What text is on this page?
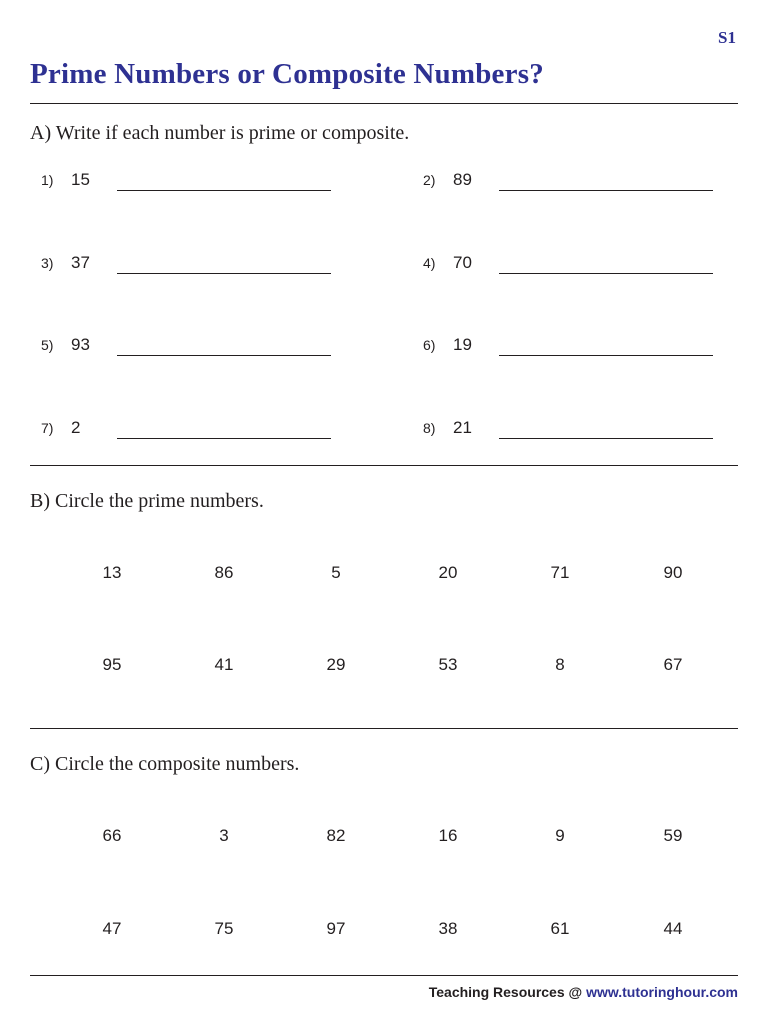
S1
Prime Numbers or Composite Numbers?
A) Write if each number is prime or composite.
1) 15	2) 89
3) 37	4) 70
5) 93	6) 19
7) 2	8) 21
B) Circle the prime numbers.
13	86	5	20	71	90
95	41	29	53	8	67
C) Circle the composite numbers.
66	3	82	16	9	59
47	75	97	38	61	44
Teaching Resources @ www.tutoringhour.com
